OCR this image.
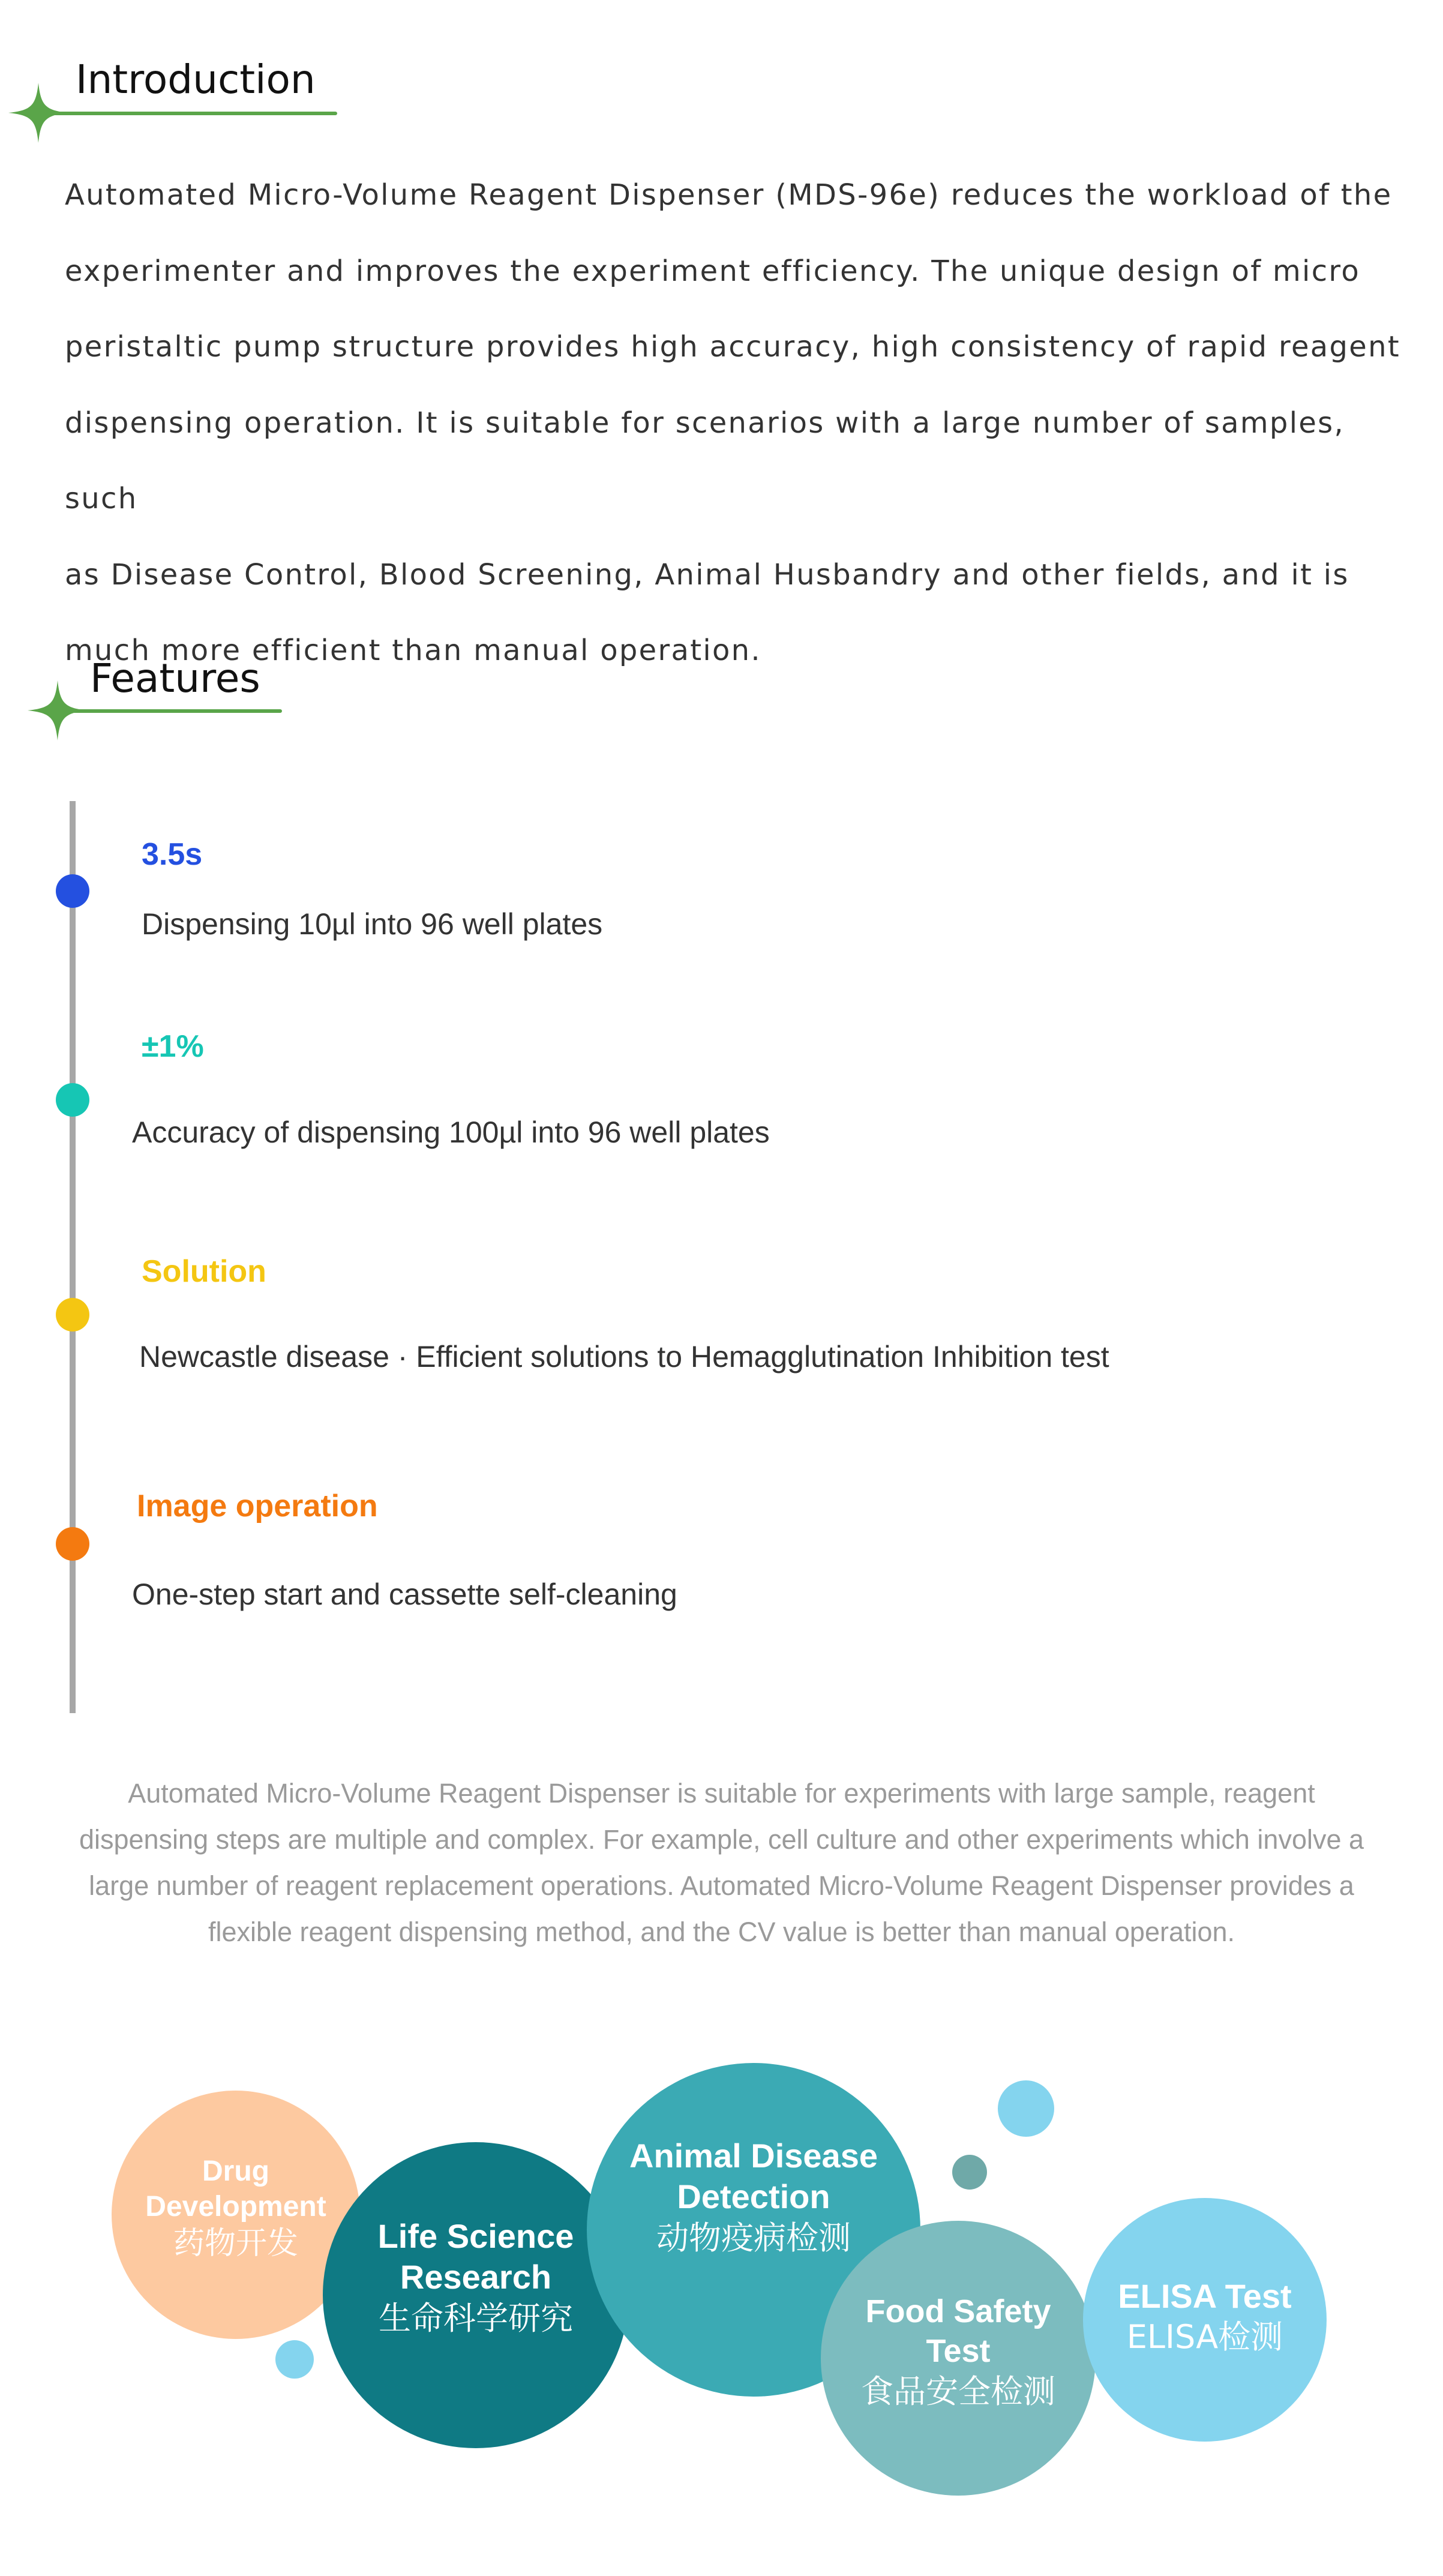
Introduction

Automated Micro-Volume Reagent Dispenser (MDS-96e) reduces the workload of the

experimenter and improves the experiment efficiency. The unique design of micro

peristaltic pump structure provides high accuracy, high consistency of rapid reagent

dispensing operation. It is suitable for scenarios with a large number of samples, such

as Disease Control, Blood Screening, Animal Husbandry and other fields, and it is

much more efficient than manual operation.

Features
3.5s
Dispensing 10µl into 96 well plates
±1%
Accuracy of dispensing 100µl into 96 well plates
Solution
Newcastle disease · Efficient solutions to Hemagglutination Inhibition test
Image operation
One-step start and cassette self-cleaning

Automated Micro-Volume Reagent Dispenser is suitable for experiments with large sample, reagent

dispensing steps are multiple and complex. For example, cell culture and other experiments which involve a

large number of reagent replacement operations. Automated Micro-Volume Reagent Dispenser provides a

flexible reagent dispensing method, and the CV value is better than manual operation.

Drug
Development
药物开发 Life Science
Research
生命科学研究
Animal Disease
Detection
动物疫病检测
Food Safety
Test
食品安全检测
ELISA Test
ELISA检测
